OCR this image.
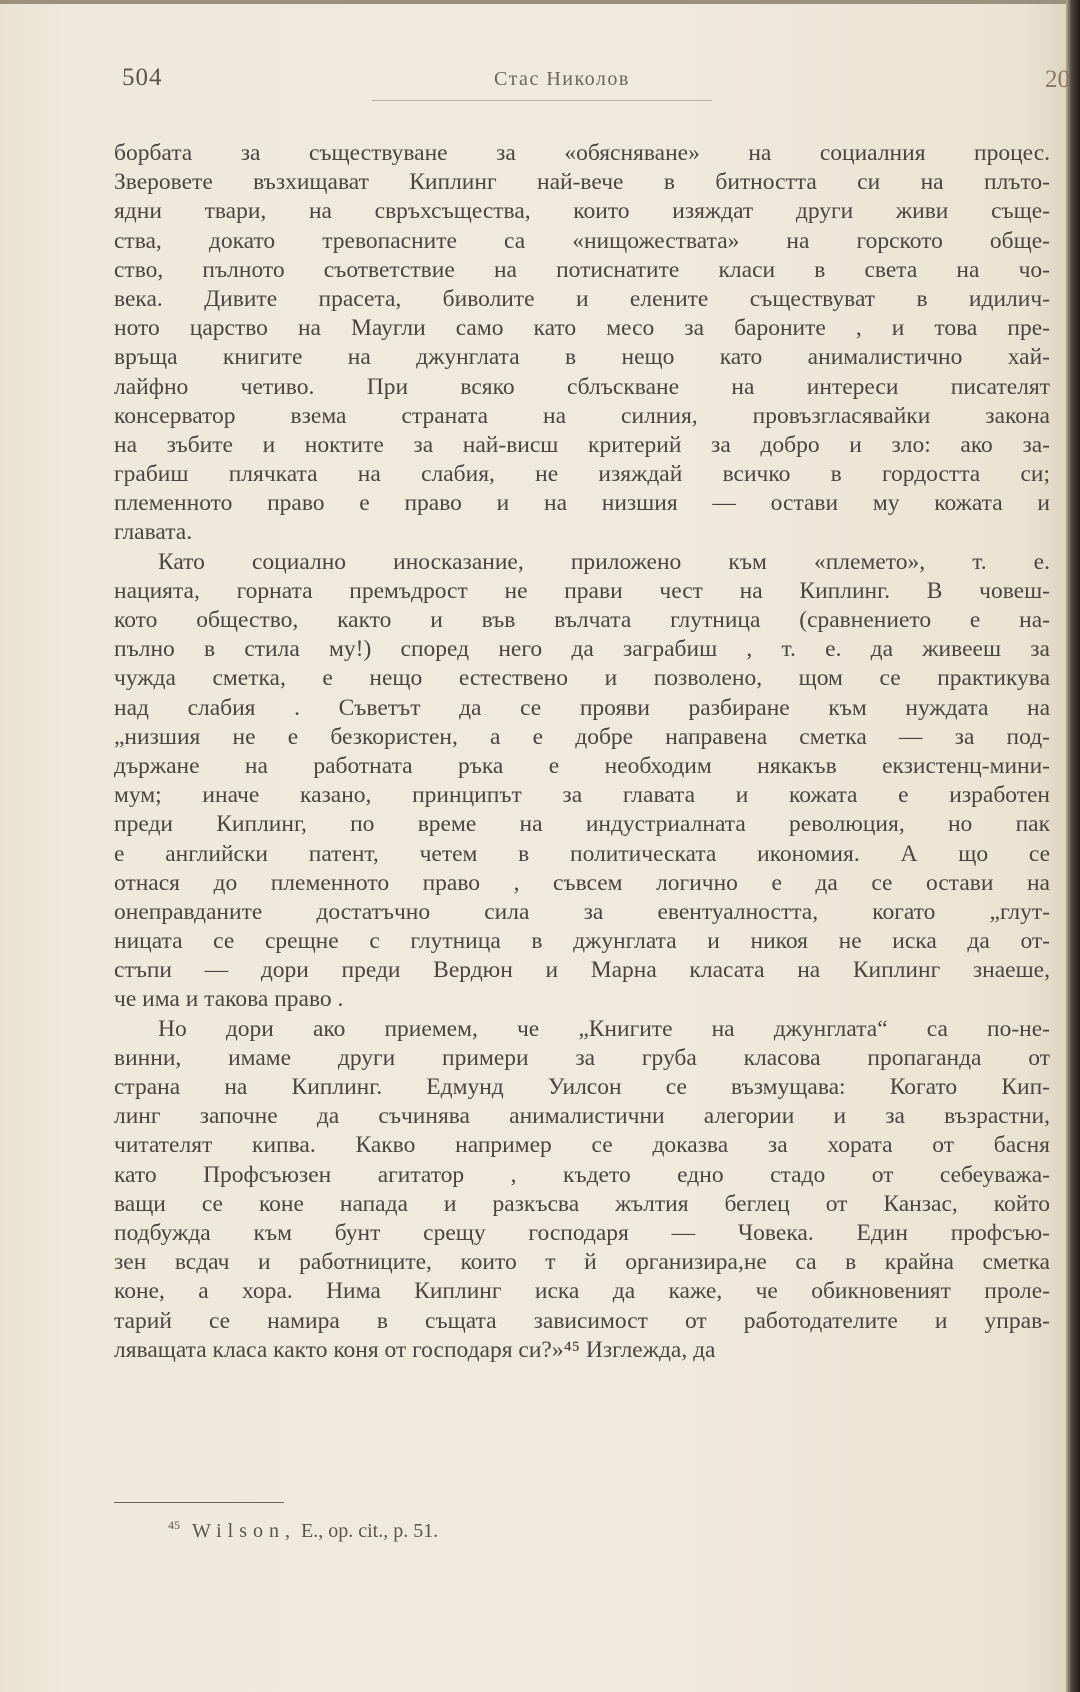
504	Стас Николов	20
борбата за съществуване за «обясняване» на социалния процес.
Зверовете възхищават Киплинг най-вече в битността си на плъто-
ядни твари, на свръхсъщества, които изяждат други живи съще-
ства, докато тревопасните са «нищожествата» на горското обще-
ство, пълното съответствие на потиснатите класи в света на чо-
века. Дивите прасета, биволите и елените съществуват в идилич-
ното царство на Маугли само като месо за бароните , и това пре-
връща книгите на джунглата в нещо като анималистично хай-
лайфно четиво. При всяко сблъскване на интереси писателят
консерватор взема страната на силния, провъзгласявайки закона
на зъбите и ноктите за най-висш критерий за добро и зло: ако за-
грабиш плячката на слабия, не изяждай всичко в гордостта си;
племенното право е право и на низшия — остави му кожата и
главата.
Като социално иносказание, приложено към «племето», т. е.
нацията, горната премъдрост не прави чест на Киплинг. В човеш-
кото общество, както и във вълчата глутница (сравнението е на-
пълно в стила му!) според него да заграбиш , т. е. да живееш за
чужда сметка, е нещо естествено и позволено, щом се практикува
над слабия . Съветът да се прояви разбиране към нуждата на
„низшия не е безкористен, а е добре направена сметка — за под-
държане на работната ръка е необходим някакъв екзистенц-мини-
мум; иначе казано, принципът за главата и кожата е изработен
преди Киплинг, по време на индустриалната революция, но пак
е английски патент, четем в политическата икономия. А що се
отнася до племенното право , съвсем логично е да се остави на
онеправданите достатъчно сила за евентуалността, когато „глут-
ницата се срещне с глутница в джунглата и никоя не иска да от-
стъпи — дори преди Вердюн и Марна класата на Киплинг знаеше,
че има и такова право .
Но дори ако приемем, че „Книгите на джунглата“ са по-не-
винни, имаме други примери за груба класова пропаганда от
страна на Киплинг. Едмунд Уилсон се възмущава: Когато Кип-
линг започне да съчинява анималистични алегории и за възрастни,
читателят кипва. Какво например се доказва за хората от басня
като Профсъюзен агитатор , където едно стадо от себеуважа-
ващи се коне напада и разкъсва жълтия беглец от Канзас, който
подбужда към бунт срещу господаря — Човека. Един профсъю-
зен всдач и работниците, които т й организира,не са в крайна сметка
коне, а хора. Нима Киплинг иска да каже, че обикновеният проле-
тарий се намира в същата зависимост от работодателите и управ-
ляващата класа както коня от господаря си?»⁴⁵ Изглежда, да
$^{45}$ Wilson, E., op. cit., p. 51.
